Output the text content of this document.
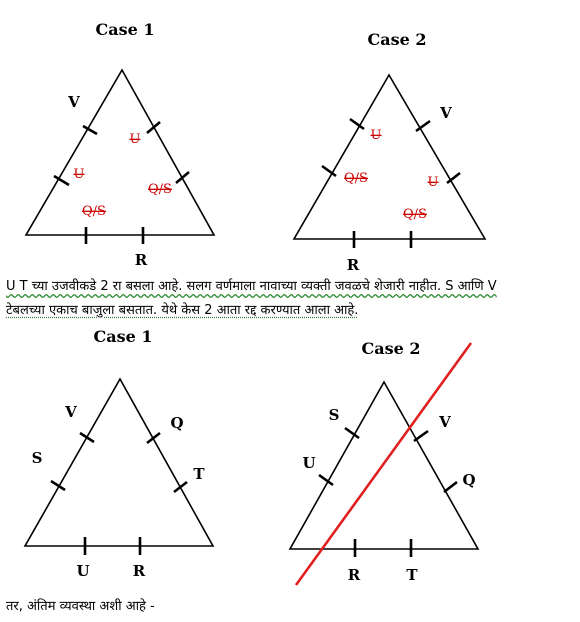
Case 1
V
U
U
Q/S
Q/S
R
Case 2
V
U
Q/S	U
Q/S
R
Case 1
V
Q
S
T
U	R
Case 2
S	V
U
Q
R	T
U T च्या उजवीकडे 2 रा बसला आहे. सलग वर्णमाला नावाच्या व्यक्ती जवळचे शेजारी नाहीत. S आणि V
टेबलच्या एकाच बाजुला बसतात. येथे केस 2 आता रद्द करण्यात आला आहे.
तर, अंतिम व्यवस्था अशी आहे -
